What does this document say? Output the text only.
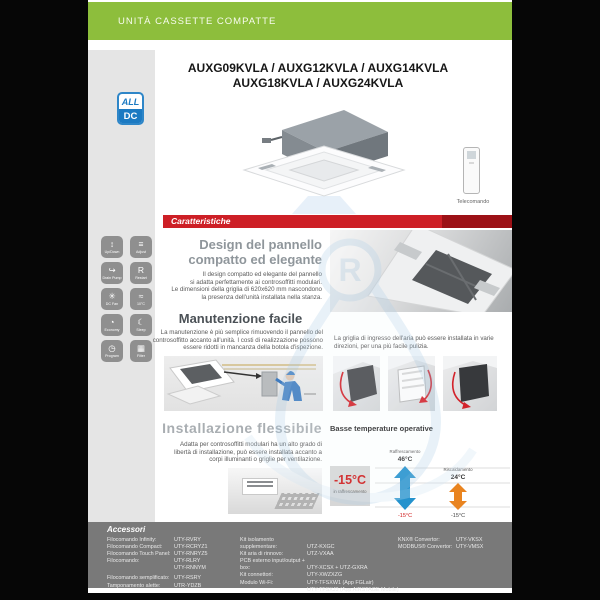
UNITÀ CASSETTE COMPATTE
AUXG09KVLA / AUXG12KVLA / AUXG14KVLA
AUXG18KVLA / AUXG24KVLA
ALL
DC
Telecomando
Caratteristiche
↕
Up/Down
≡
Adjust
↪
Drain Pump
R
Restart
✳
DC Fan
≈
10°C
◔
Economy
☾
Sleep
◷
Program
▦
Filter
Design del pannello
compatto ed elegante
Il design compatto ed elegante del pannello
si adatta perfettamente ai controsoffitti modulari.
Le dimensioni della griglia di 620x620 mm nascondono
la presenza dell'unità installata nella stanza.
Manutenzione facile
La manutenzione è più semplice rimuovendo il pannello del
controsoffitto accanto all'unità. I costi di realizzazione possono
essere ridotti in mancanza della botola d'ispezione.
La griglia di ingresso dell'aria può essere installata in varie
direzioni, per una più facile pulizia.
Installazione flessibile
Adatta per controsoffitti modulari ha un alto grado di
libertà di installazione, può essere installata accanto a
corpi illuminanti o griglie per ventilazione.
Basse temperature operative
-15°C
in raffrescamento
Raffrescamento
46°C
-15°C
Riscaldamento
24°C
-15°C
Accessori
Filocomando Infinity:	UTY-RVRY
Filocomando Compact: UTY-RCRYZ1
Filocomando Touch Panel: UTY-RNRYZ5
Filocomando:	UTY-RLRY
UTY-RNNYM
Filocomando semplificato: UTY-RSRY
Tamponamento alette:	UTR-YDZB
Kit isolamento supplementare:	UTZ-KXGC
Kit aria di rinnovo:	UTZ-VXAA
PCB esterno input/output + box:	UTY-XCSX + UTZ-GXRA
Kit connettori:	UTY-XWZXZG
Modulo Wi-Fi:	UTY-TFSXW1 (App FGLair)
UTY-TFSXJ3 (App AIRSTAGE Mobile)
KNX® Convertor:	UTY-VKSX
MODBUS® Convertor: UTY-VMSX
R
